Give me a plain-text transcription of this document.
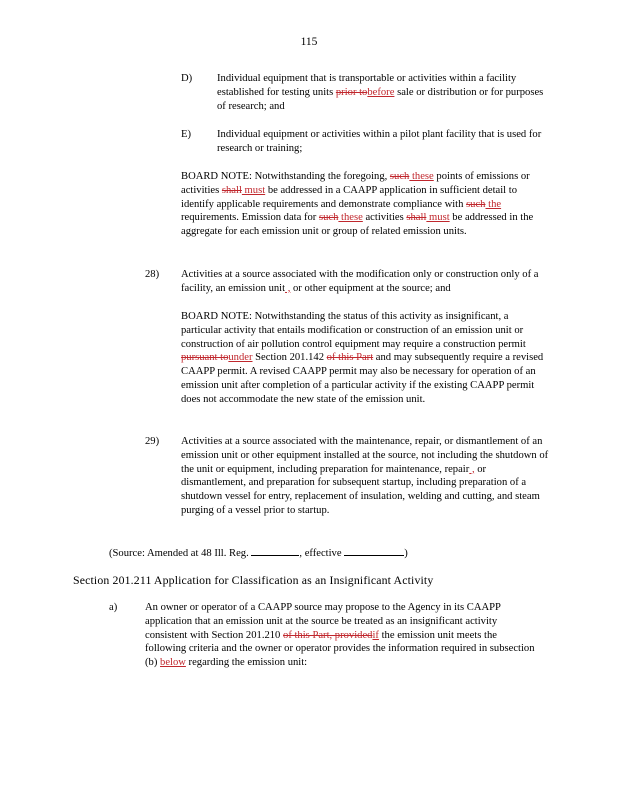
115
D) Individual equipment that is transportable or activities within a facility established for testing units prior tobefore sale or distribution or for purposes of research; and
E) Individual equipment or activities within a pilot plant facility that is used for research or training;
BOARD NOTE: Notwithstanding the foregoing, such these points of emissions or activities shall must be addressed in a CAAPP application in sufficient detail to identify applicable requirements and demonstrate compliance with such the requirements. Emission data for such these activities shall must be addressed in the aggregate for each emission unit or group of related emission units.
28) Activities at a source associated with the modification only or construction only of a facility, an emission unit , or other equipment at the source; and
BOARD NOTE: Notwithstanding the status of this activity as insignificant, a particular activity that entails modification or construction of an emission unit or construction of air pollution control equipment may require a construction permit pursuant tounder Section 201.142 of this Part and may subsequently require a revised CAAPP permit. A revised CAAPP permit may also be necessary for operation of an emission unit after completion of a particular activity if the existing CAAPP permit does not accommodate the new state of the emission unit.
29) Activities at a source associated with the maintenance, repair, or dismantlement of an emission unit or other equipment installed at the source, not including the shutdown of the unit or equipment, including preparation for maintenance, repair , or dismantlement, and preparation for subsequent startup, including preparation of a shutdown vessel for entry, replacement of insulation, welding and cutting, and steam purging of a vessel prior to startup.
(Source: Amended at 48 Ill. Reg.	, effective	)
Section 201.211 Application for Classification as an Insignificant Activity
a)	An owner or operator of a CAAPP source may propose to the Agency in its CAAPP application that an emission unit at the source be treated as an insignificant activity consistent with Section 201.210 of this Part, providedif the emission unit meets the following criteria and the owner or operator provides the information required in subsection (b) below regarding the emission unit:
